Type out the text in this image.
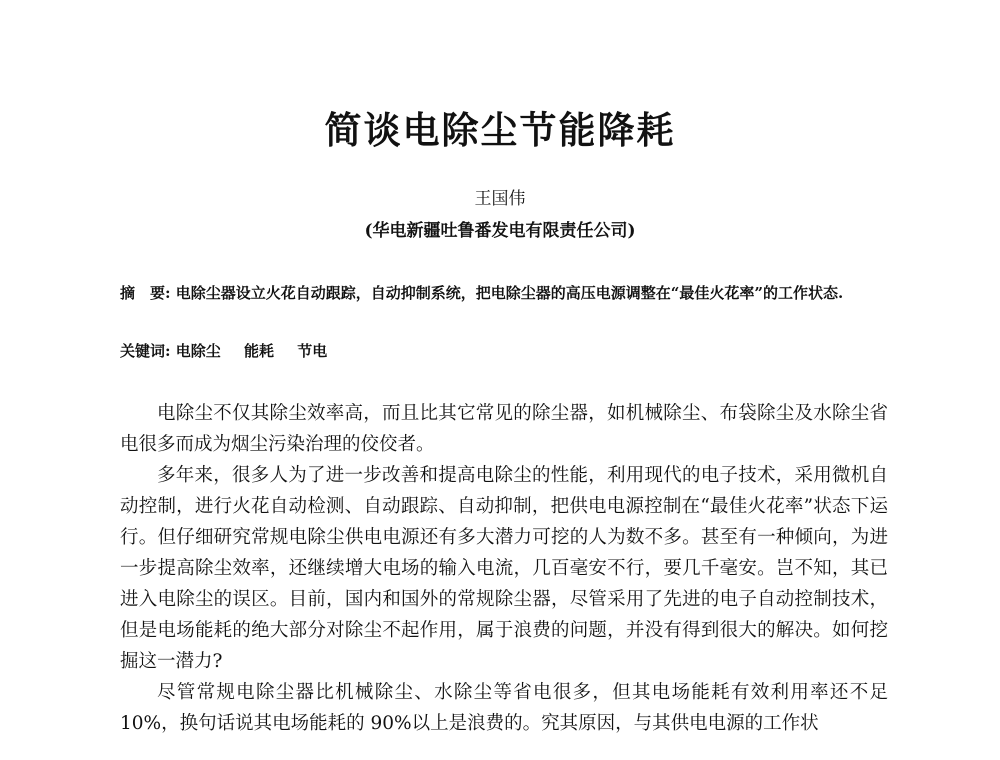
简谈电除尘节能降耗
王国伟
(华电新疆吐鲁番发电有限责任公司)
摘　要: 电除尘器设立火花自动跟踪，自动抑制系统，把电除尘器的高压电源调整在“最佳火花率”的工作状态.
关键词: 电除尘 能耗 节电

电除尘不仅其除尘效率高，而且比其它常见的除尘器，如机械除尘、布袋除尘及水除尘省电很多而成为烟尘污染治理的佼佼者。

多年来，很多人为了进一步改善和提高电除尘的性能，利用现代的电子技术，采用微机自动控制，进行火花自动检测、自动跟踪、自动抑制，把供电电源控制在“最佳火花率”状态下运行。但仔细研究常规电除尘供电电源还有多大潜力可挖的人为数不多。甚至有一种倾向，为进一步提高除尘效率，还继续增大电场的输入电流，几百毫安不行，要几千毫安。岂不知，其已进入电除尘的误区。目前，国内和国外的常规除尘器，尽管采用了先进的电子自动控制技术，但是电场能耗的绝大部分对除尘不起作用，属于浪费的问题，并没有得到很大的解决。如何挖掘这一潜力?

尽管常规电除尘器比机械除尘、水除尘等省电很多，但其电场能耗有效利用率还不足 10%，换句话说其电场能耗的 90%以上是浪费的。究其原因，与其供电电源的工作状
